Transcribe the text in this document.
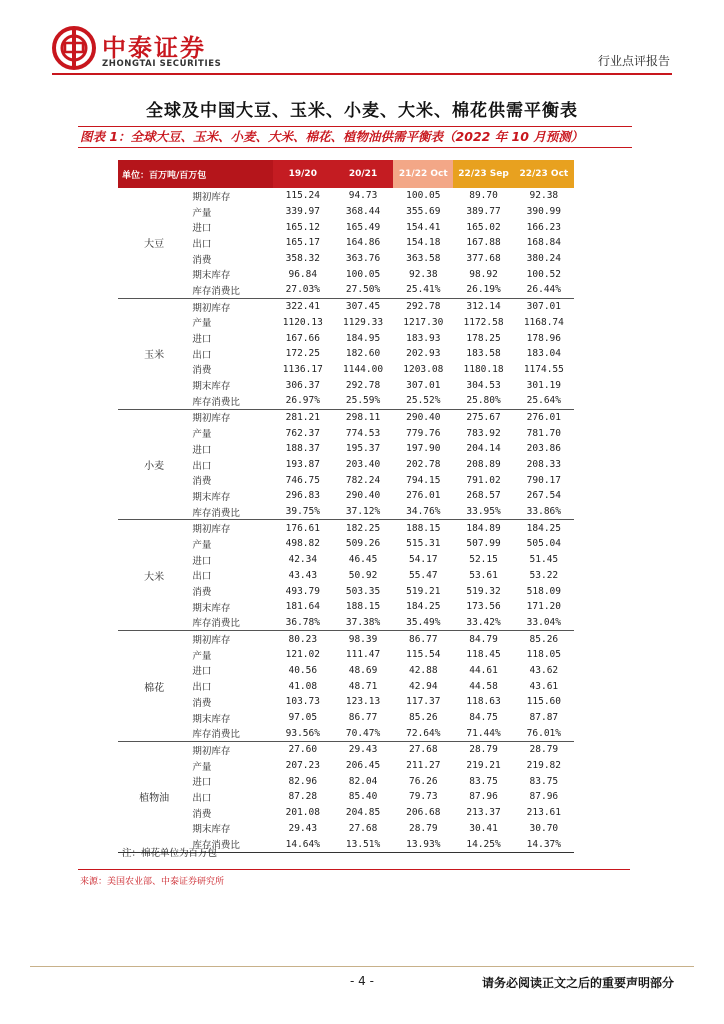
中泰证券
ZHONGTAI SECURITIES	行业点评报告
全球及中国大豆、玉米、小麦、大米、棉花供需平衡表
图表 1：全球大豆、玉米、小麦、大米、棉花、植物油供需平衡表（2022 年 10 月预测）
单位：百万吨/百万包		19/20	20/21	21/22 Oct	22/23 Sep	22/23 Oct
大豆	期初库存	115.24	94.73	100.05	89.70	92.38
	产量	339.97	368.44	355.69	389.77	390.99
	进口	165.12	165.49	154.41	165.02	166.23
	出口	165.17	164.86	154.18	167.88	168.84
	消费	358.32	363.76	363.58	377.68	380.24
	期末库存	96.84	100.05	92.38	98.92	100.52
	库存消费比	27.03%	27.50%	25.41%	26.19%	26.44%
玉米	期初库存	322.41	307.45	292.78	312.14	307.01
	产量	1120.13	1129.33	1217.30	1172.58	1168.74
	进口	167.66	184.95	183.93	178.25	178.96
	出口	172.25	182.60	202.93	183.58	183.04
	消费	1136.17	1144.00	1203.08	1180.18	1174.55
	期末库存	306.37	292.78	307.01	304.53	301.19
	库存消费比	26.97%	25.59%	25.52%	25.80%	25.64%
小麦	期初库存	281.21	298.11	290.40	275.67	276.01
	产量	762.37	774.53	779.76	783.92	781.70
	进口	188.37	195.37	197.90	204.14	203.86
	出口	193.87	203.40	202.78	208.89	208.33
	消费	746.75	782.24	794.15	791.02	790.17
	期末库存	296.83	290.40	276.01	268.57	267.54
	库存消费比	39.75%	37.12%	34.76%	33.95%	33.86%
大米	期初库存	176.61	182.25	188.15	184.89	184.25
	产量	498.82	509.26	515.31	507.99	505.04
	进口	42.34	46.45	54.17	52.15	51.45
	出口	43.43	50.92	55.47	53.61	53.22
	消费	493.79	503.35	519.21	519.32	518.09
	期末库存	181.64	188.15	184.25	173.56	171.20
	库存消费比	36.78%	37.38%	35.49%	33.42%	33.04%
棉花	期初库存	80.23	98.39	86.77	84.79	85.26
	产量	121.02	111.47	115.54	118.45	118.05
	进口	40.56	48.69	42.88	44.61	43.62
	出口	41.08	48.71	42.94	44.58	43.61
	消费	103.73	123.13	117.37	118.63	115.60
	期末库存	97.05	86.77	85.26	84.75	87.87
	库存消费比	93.56%	70.47%	72.64%	71.44%	76.01%
植物油	期初库存	27.60	29.43	27.68	28.79	28.79
	产量	207.23	206.45	211.27	219.21	219.82
	进口	82.96	82.04	76.26	83.75	83.75
	出口	87.28	85.40	79.73	87.96	87.96
	消费	201.08	204.85	206.68	213.37	213.61
	期末库存	29.43	27.68	28.79	30.41	30.70
	库存消费比	14.64%	13.51%	13.93%	14.25%	14.37%
注：棉花单位为百万包
来源：美国农业部、中泰证券研究所
- 4 -	请务必阅读正文之后的重要声明部分
